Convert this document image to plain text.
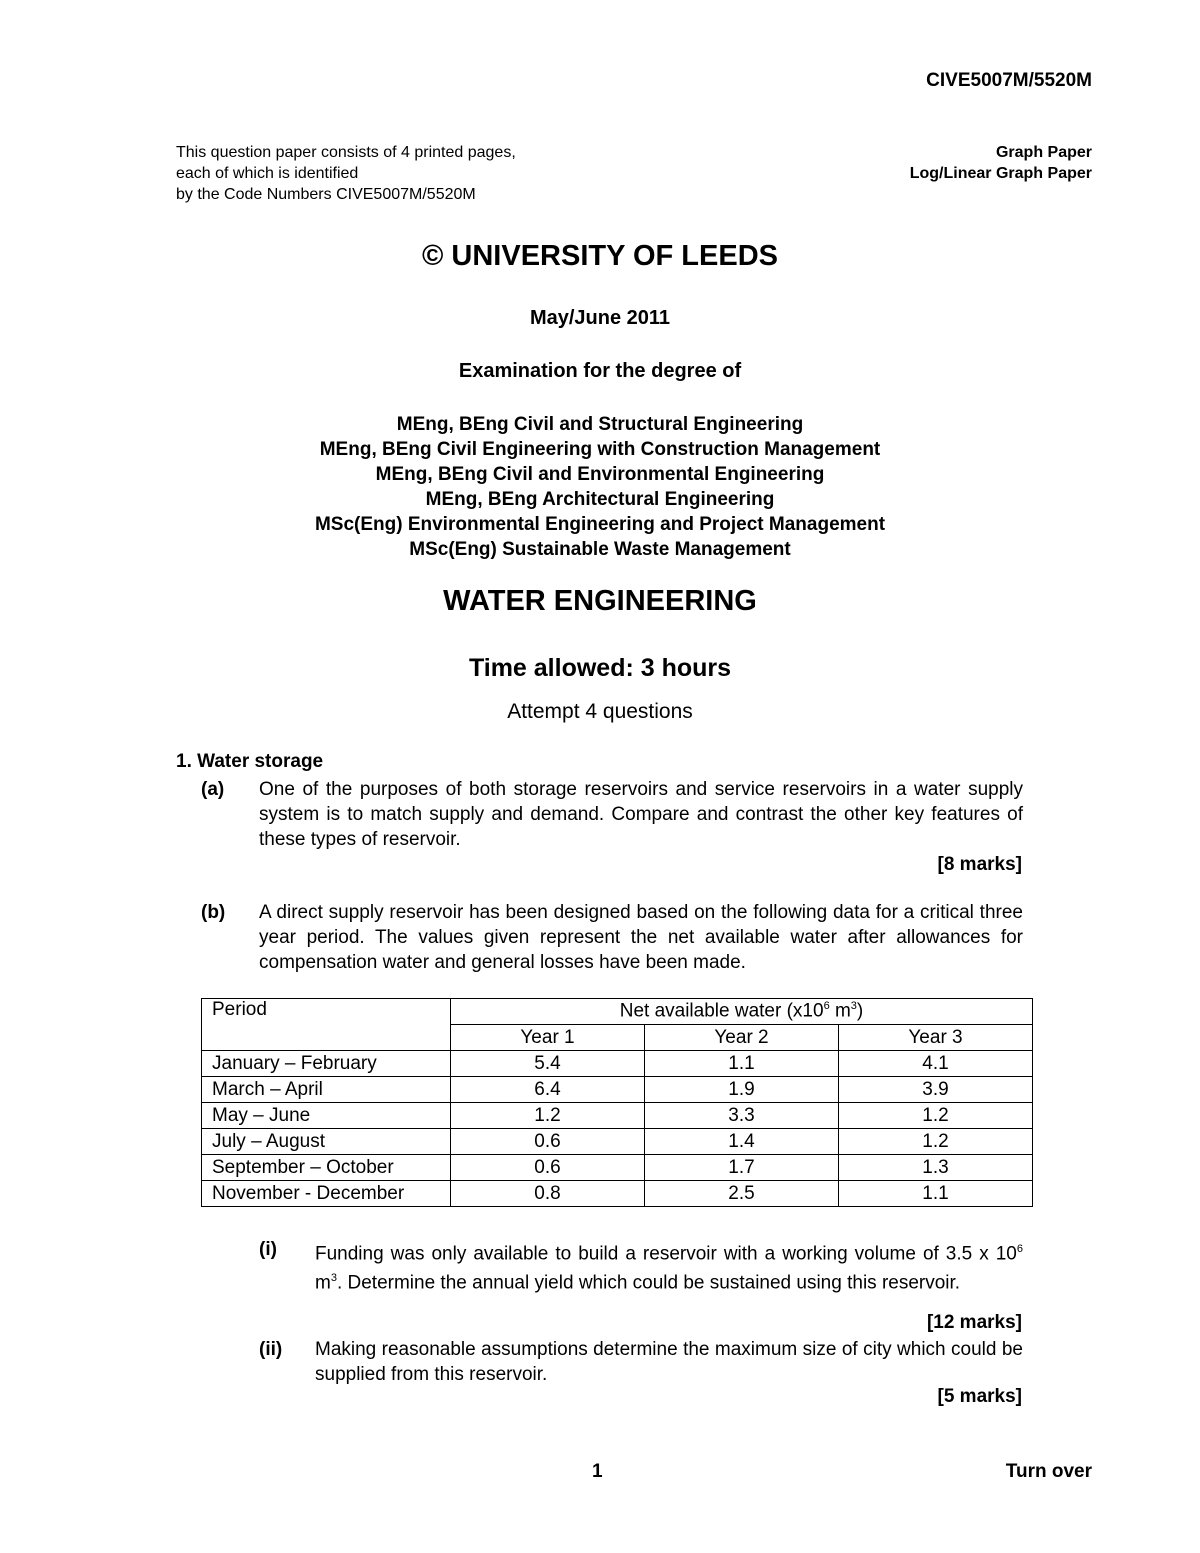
CIVE5007M/5520M
This question paper consists of 4 printed pages,
each of which is identified
by the Code Numbers CIVE5007M/5520M
Graph Paper
Log/Linear Graph Paper
© UNIVERSITY OF LEEDS
May/June 2011
Examination for the degree of
MEng, BEng Civil and Structural Engineering
MEng, BEng Civil Engineering with Construction Management
MEng, BEng Civil and Environmental Engineering
MEng, BEng Architectural Engineering
MSc(Eng) Environmental Engineering and Project Management
MSc(Eng) Sustainable Waste Management
WATER ENGINEERING
Time allowed: 3 hours
Attempt 4 questions
1. Water storage
(a) One of the purposes of both storage reservoirs and service reservoirs in a water supply system is to match supply and demand. Compare and contrast the other key features of these types of reservoir.
[8 marks]
(b) A direct supply reservoir has been designed based on the following data for a critical three year period. The values given represent the net available water after allowances for compensation water and general losses have been made.
Period	Net available water ($x10^6$ $m^3$)		
	Year 1	Year 2	Year 3
January – February	5.4	1.1	4.1
March – April	6.4	1.9	3.9
May – June	1.2	3.3	1.2
July – August	0.6	1.4	1.2
September – October	0.6	1.7	1.3
November - December	0.8	2.5	1.1
(i) Funding was only available to build a reservoir with a working volume of 3.5 x $10^6$ $m^3$. Determine the annual yield which could be sustained using this reservoir.
[12 marks]
(ii) Making reasonable assumptions determine the maximum size of city which could be supplied from this reservoir.
[5 marks]
1	Turn over
